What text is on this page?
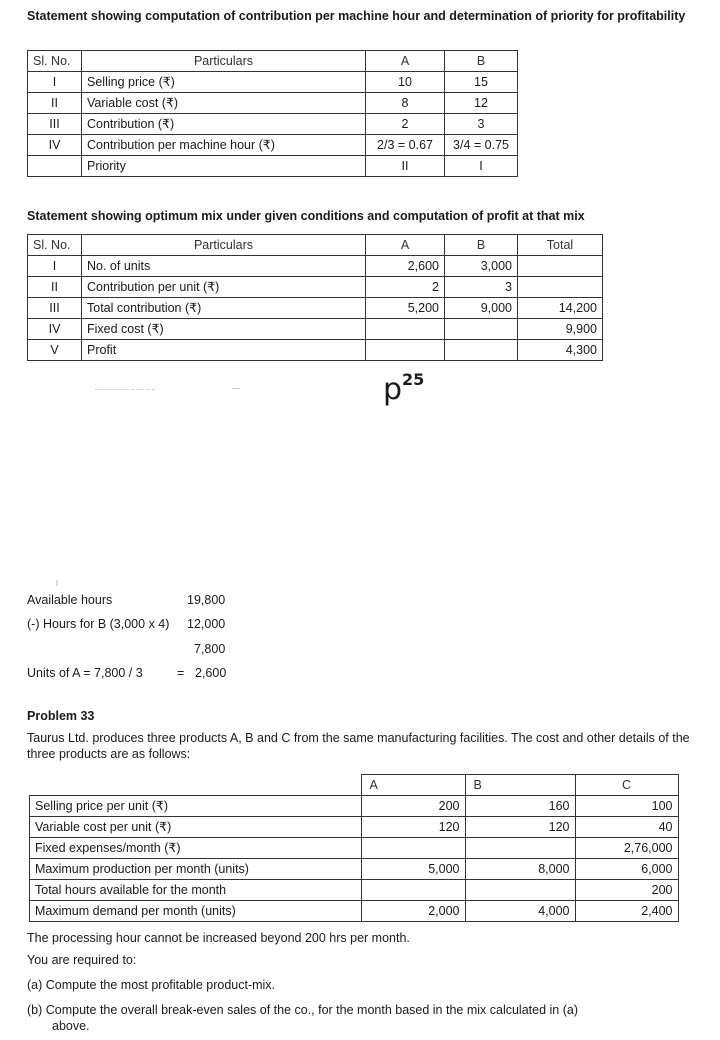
Statement showing computation of contribution per machine hour and determination of priority for profitability
Sl. No.	Particulars	A	B
I	Selling price (₹)	10	15
II	Variable cost (₹)	8	12
III	Contribution (₹)	2	3
IV	Contribution per machine hour (₹)	2/3 = 0.67	3/4 = 0.75
	Priority	II	I
Statement showing optimum mix under given conditions and computation of profit at that mix
Sl. No.	Particulars	A	B	Total
I	No. of units	2,600	3,000	
II	Contribution per unit (₹)	2	3	
III	Total contribution (₹)	5,200	9,000	14,200
IV	Fixed cost (₹)			9,900
V	Profit			4,300
$p^{25}$
Available hours	19,800
(-) Hours for B (3,000 x 4) 12,000
7,800
Units of A = 7,800 / 3	= 2,600
Problem 33
Taurus Ltd. produces three products A, B and C from the same manufacturing facilities. The cost and other details of the three products are as follows:
	A	B	C
Selling price per unit (₹)	200	160	100
Variable cost per unit (₹)	120	120	40
Fixed expenses/month (₹)			2,76,000
Maximum production per month (units)	5,000	8,000	6,000
Total hours available for the month			200
Maximum demand per month (units)	2,000	4,000	2,400
The processing hour cannot be increased beyond 200 hrs per month.
You are required to:
(a) Compute the most profitable product-mix.
(b) Compute the overall break-even sales of the co., for the month based in the mix calculated in (a)
above.
